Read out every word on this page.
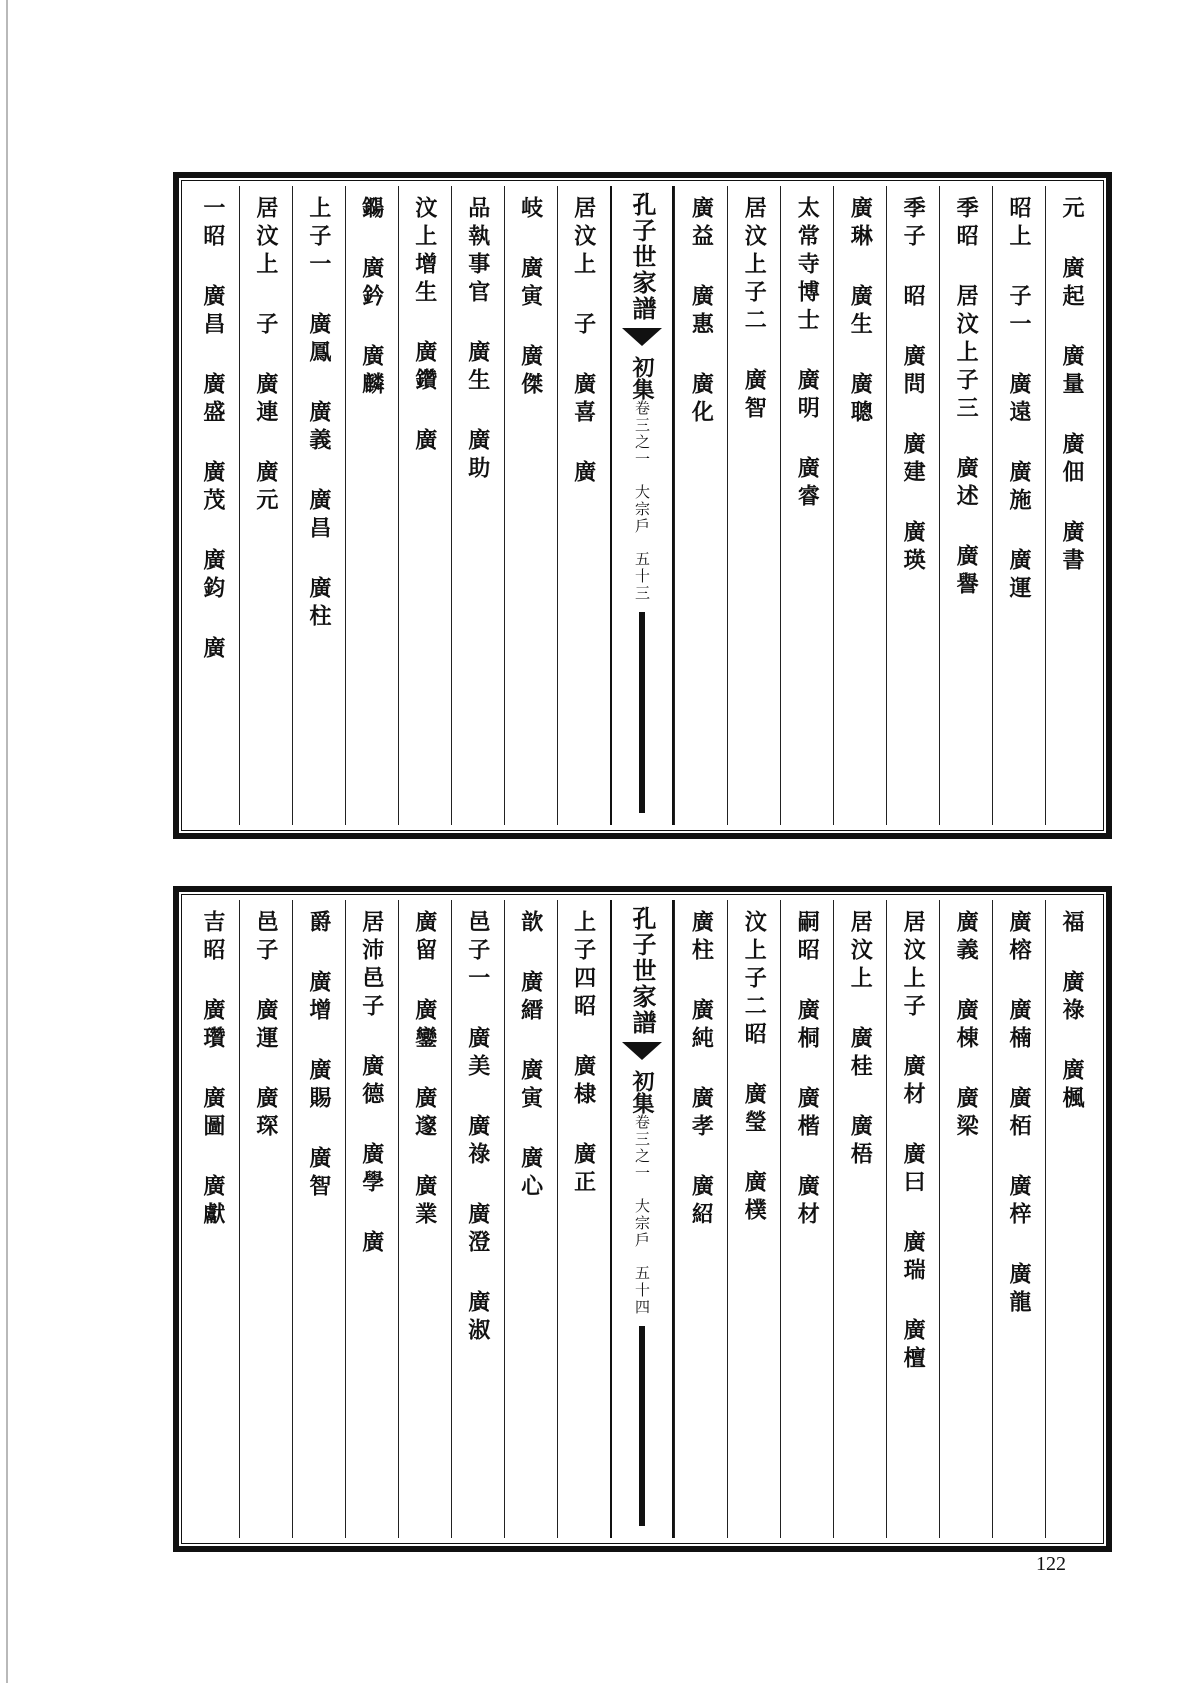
元 廣起 廣量 廣佃 廣書
昭上 子一 廣遠 廣施 廣運
季昭 居汶上子三 廣述 廣譽
季子 昭 廣問 廣建 廣瑛
廣琳 廣生 廣聰
太常寺博士 廣明 廣睿
居汶上子二 廣智
廣益 廣惠 廣化
孔子世家譜
初集
卷三之一
大宗戶
五十三
居汶上 子 廣喜 廣
岐 廣寅 廣傑
品執事官 廣生 廣助
汶上增生 廣鑽 廣
鐊 廣鈐 廣麟
上子一 廣鳳 廣義 廣昌 廣柱
居汶上 子 廣連 廣元
一昭 廣昌 廣盛 廣茂 廣鈞 廣
福 廣祿 廣楓
廣榕 廣楠 廣栢 廣梓 廣龍
廣義 廣棟 廣梁
居汶上子 廣材 廣曰 廣瑞 廣檀
居汶上 廣桂 廣梧
嗣昭 廣桐 廣楷 廣材
汶上子二昭 廣瑩 廣樸
廣柱 廣純 廣孝 廣紹
孔子世家譜
初集
卷三之一
大宗戶
五十四
上子四昭 廣棣 廣正
歆 廣縉 廣寅 廣心
邑子一 廣美 廣祿 廣澄 廣淑
廣留 廣鑾 廣邃 廣業
居沛邑子 廣德 廣學 廣
爵 廣增 廣賜 廣智
邑子 廣運 廣琛
吉昭 廣瓚 廣圖 廣獻
122
